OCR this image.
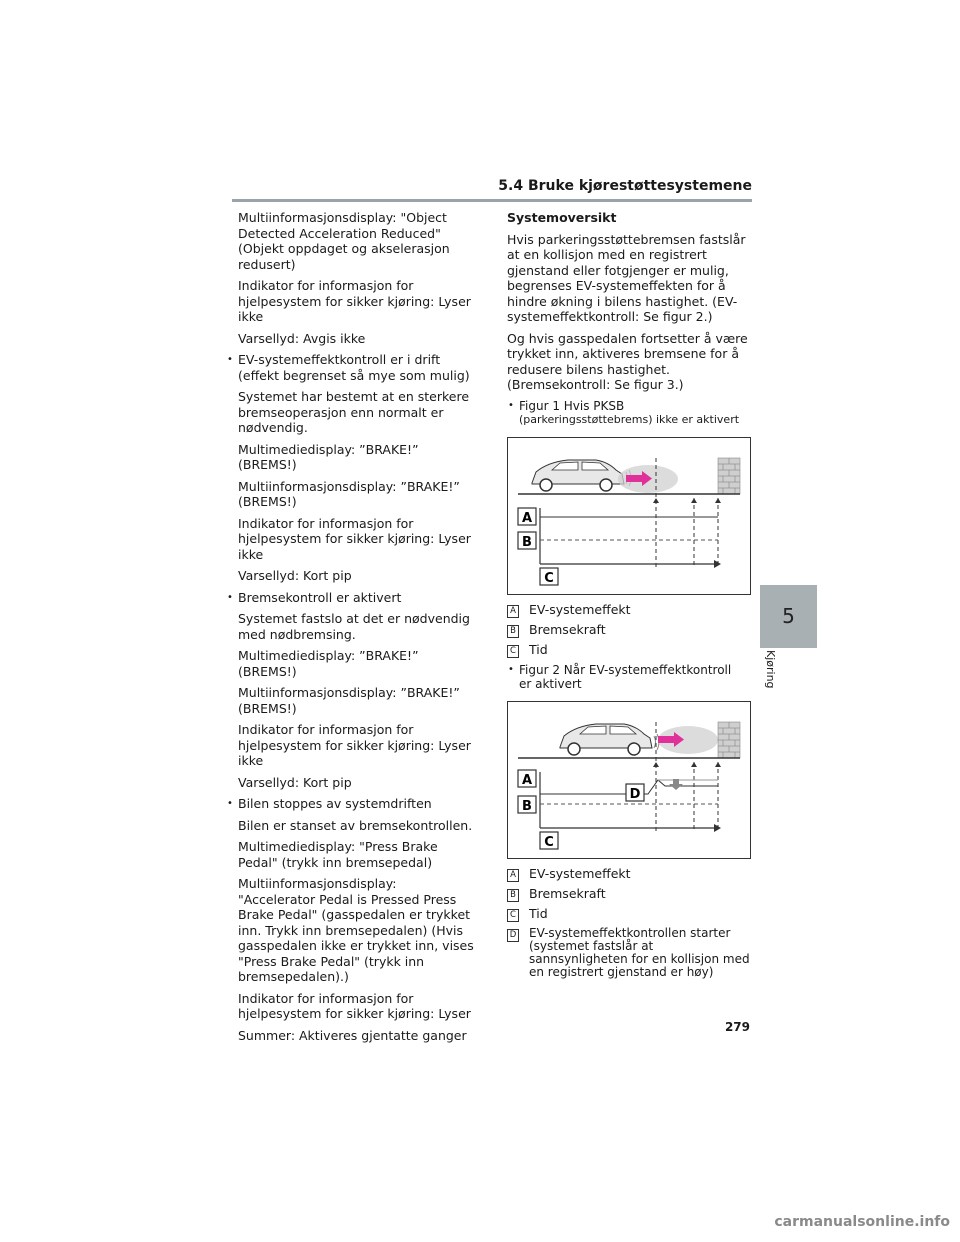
5.4 Bruke kjørestøttesystemene
Multiinformasjonsdisplay: "Object Detected Acceleration Reduced" (Objekt oppdaget og akselerasjon redusert)
Indikator for informasjon for hjelpesystem for sikker kjøring: Lyser ikke
Varsellyd: Avgis ikke
• EV-systemeffektkontroll er i drift (effekt begrenset så mye som mulig)
Systemet har bestemt at en sterkere bremseoperasjon enn normalt er nødvendig.
Multimediedisplay: ”BRAKE!” (BREMS!)
Multiinformasjonsdisplay: ”BRAKE!” (BREMS!)
Indikator for informasjon for hjelpesystem for sikker kjøring: Lyser ikke
Varsellyd: Kort pip
• Bremsekontroll er aktivert
Systemet fastslo at det er nødvendig med nødbremsing.
Multimediedisplay: ”BRAKE!” (BREMS!)
Multiinformasjonsdisplay: ”BRAKE!” (BREMS!)
Indikator for informasjon for hjelpesystem for sikker kjøring: Lyser ikke
Varsellyd: Kort pip
• Bilen stoppes av systemdriften
Bilen er stanset av bremsekontrollen.
Multimediedisplay: "Press Brake Pedal" (trykk inn bremsepedal)
Multiinformasjonsdisplay: "Accelerator Pedal is Pressed Press Brake Pedal" (gasspedalen er trykket inn. Trykk inn bremsepedalen) (Hvis gasspedalen ikke er trykket inn, vises "Press Brake Pedal" (trykk inn bremsepedalen).)
Indikator for informasjon for hjelpesystem for sikker kjøring: Lyser
Summer: Aktiveres gjentatte ganger
Systemoversikt
Hvis parkeringsstøttebremsen fastslår at en kollisjon med en registrert gjenstand eller fotgjenger er mulig, begrenses EV-systemeffekten for å hindre økning i bilens hastighet. (EV-systemeffektkontroll: Se figur 2.)
Og hvis gasspedalen fortsetter å være trykket inn, aktiveres bremsene for å redusere bilens hastighet. (Bremsekontroll: Se figur 3.)
• Figur 1 Hvis PKSB
(parkeringsstøttebrems) ikke er aktivert
A
B
C
A EV-systemeffekt
B Bremsekraft
C Tid
• Figur 2 Når EV-systemeffektkontroll er aktivert
A
D
B
C
A EV-systemeffekt
B Bremsekraft
C Tid
D EV-systemeffektkontrollen starter (systemet fastslår at sannsynligheten for en kollisjon med en registrert gjenstand er høy)
5
Kjøring
279
carmanualsonline.info
